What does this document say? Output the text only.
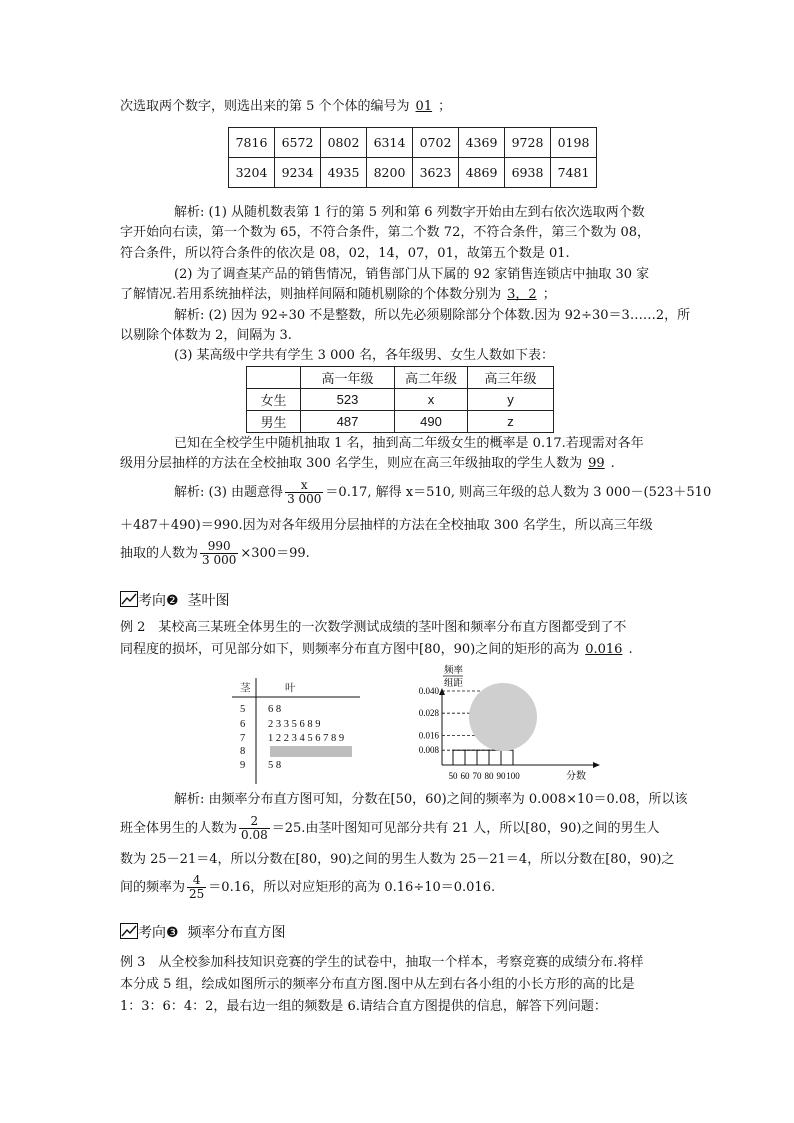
次选取两个数字，则选出来的第 5 个个体的编号为 01 ；
7816	6572	0802	6314	0702	4369	9728	0198
3204	9234	4935	8200	3623	4869	6938	7481
解析: (1) 从随机数表第 1 行的第 5 列和第 6 列数字开始由左到右依次选取两个数
字开始向右读，第一个数为 65，不符合条件，第二个数 72，不符合条件，第三个数为 08，
符合条件，所以符合条件的依次是 08，02，14，07，01，故第五个数是 01.
(2) 为了调查某产品的销售情况，销售部门从下属的 92 家销售连锁店中抽取 30 家
了解情况.若用系统抽样法，则抽样间隔和随机剔除的个体数分别为 3，2 ；
解析: (2) 因为 92÷30 不是整数，所以先必须剔除部分个体数.因为 92÷30＝3……2，所
以剔除个体数为 2，间隔为 3.
(3) 某高级中学共有学生 3 000 名，各年级男、女生人数如下表：
	高一年级	高二年级	高三年级
女生	523	x	y
男生	487	490	z
已知在全校学生中随机抽取 1 名，抽到高二年级女生的概率是 0.17.若现需对各年
级用分层抽样的方法在全校抽取 300 名学生，则应在高三年级抽取的学生人数为 99 .
解析: (3) 由题意得 $\frac{x}{3 000} =0.17$, 解得 x＝510, 则高三年级的总人数为 3 000－(523＋510
＋487＋490)＝990.因为对各年级用分层抽样的方法在全校抽取 300 名学生，所以高三年级
抽取的人数为 $\frac{990}{3 000} \times 300=99$.
考向❷ 茎叶图
例 2　某校高三某班全体男生的一次数学测试成绩的茎叶图和频率分布直方图都受到了不
同程度的损坏，可见部分如下，则频率分布直方图中[80，90)之间的矩形的高为 0.016 .
茎	叶
5 6 8
6 2 3 3 5 6 8 9
7 1 2 2 3 4 5 6 7 8 9
8
9 5 8
频率
组距
分数
0.040
0.028
0.016
0.008
50 60 70 80 90 100
解析: 由频率分布直方图可知，分数在[50，60)之间的频率为 0.008×10＝0.08，所以该
班全体男生的人数为 $\frac{2}{0.08} =25$.由茎叶图知可见部分共有 21 人，所以[80，90)之间的男生人
数为 25－21＝4，所以分数在[80，90)之间的男生人数为 25－21＝4，所以分数在[80，90)之
间的频率为 $\frac{4}{25} =0.16$，所以对应矩形的高为 0.16÷10＝0.016.
考向❸ 频率分布直方图
例 3　从全校参加科技知识竞赛的学生的试卷中，抽取一个样本，考察竞赛的成绩分布.将样
本分成 5 组，绘成如图所示的频率分布直方图.图中从左到右各小组的小长方形的高的比是
1：3：6：4：2，最右边一组的频数是 6.请结合直方图提供的信息，解答下列问题：
